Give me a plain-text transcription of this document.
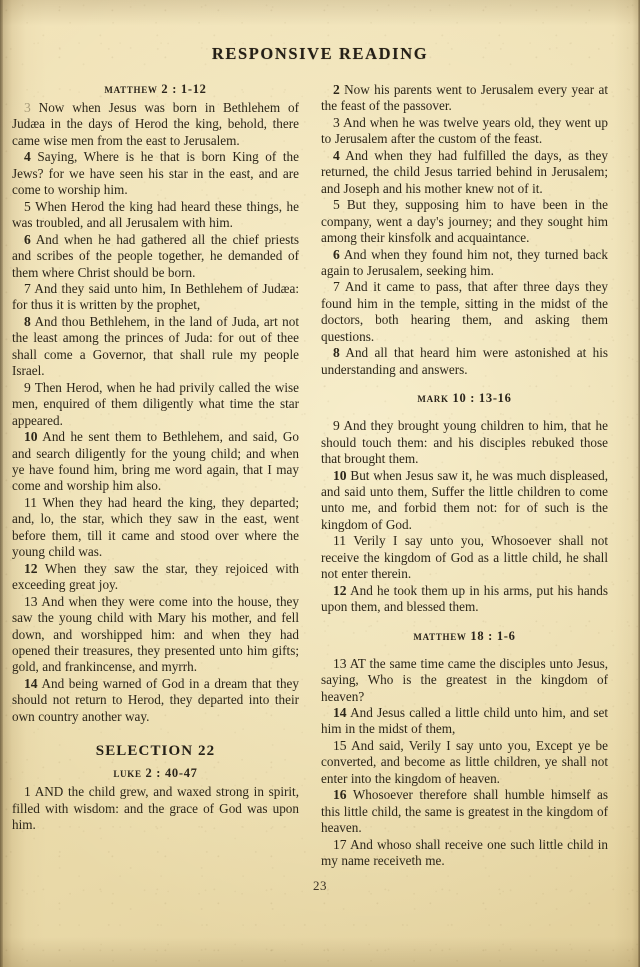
RESPONSIVE READING
matthew 2 : 1-12

3 Now when Jesus was born in Bethlehem of Judæa in the days of Herod the king, behold, there came wise men from the east to Jerusalem.

4 Saying, Where is he that is born King of the Jews? for we have seen his star in the east, and are come to worship him.

5 When Herod the king had heard these things, he was troubled, and all Jerusalem with him.

6 And when he had gathered all the chief priests and scribes of the people together, he demanded of them where Christ should be born.

7 And they said unto him, In Bethlehem of Judæa: for thus it is written by the prophet,

8 And thou Bethlehem, in the land of Juda, art not the least among the princes of Juda: for out of thee shall come a Governor, that shall rule my people Israel.

9 Then Herod, when he had privily called the wise men, enquired of them diligently what time the star appeared.

10 And he sent them to Bethlehem, and said, Go and search diligently for the young child; and when ye have found him, bring me word again, that I may come and worship him also.

11 When they had heard the king, they departed; and, lo, the star, which they saw in the east, went before them, till it came and stood over where the young child was.

12 When they saw the star, they rejoiced with exceeding great joy.

13 And when they were come into the house, they saw the young child with Mary his mother, and fell down, and worshipped him: and when they had opened their treasures, they presented unto him gifts; gold, and frankincense, and myrrh.

14 And being warned of God in a dream that they should not return to Herod, they departed into their own country another way.

SELECTION 22
luke 2 : 40-47

1 AND the child grew, and waxed strong in spirit, filled with wisdom: and the grace of God was upon him.

2 Now his parents went to Jerusalem every year at the feast of the passover.

3 And when he was twelve years old, they went up to Jerusalem after the custom of the feast.

4 And when they had fulfilled the days, as they returned, the child Jesus tarried behind in Jerusalem; and Joseph and his mother knew not of it.

5 But they, supposing him to have been in the company, went a day's journey; and they sought him among their kinsfolk and acquaintance.

6 And when they found him not, they turned back again to Jerusalem, seeking him.

7 And it came to pass, that after three days they found him in the temple, sitting in the midst of the doctors, both hearing them, and asking them questions.

8 And all that heard him were astonished at his understanding and answers.

mark 10 : 13-16

9 And they brought young children to him, that he should touch them: and his disciples rebuked those that brought them.

10 But when Jesus saw it, he was much displeased, and said unto them, Suffer the little children to come unto me, and forbid them not: for of such is the kingdom of God.

11 Verily I say unto you, Whosoever shall not receive the kingdom of God as a little child, he shall not enter therein.

12 And he took them up in his arms, put his hands upon them, and blessed them.

matthew 18 : 1-6

13 AT the same time came the disciples unto Jesus, saying, Who is the greatest in the kingdom of heaven?

14 And Jesus called a little child unto him, and set him in the midst of them,

15 And said, Verily I say unto you, Except ye be converted, and become as little children, ye shall not enter into the kingdom of heaven.

16 Whosoever therefore shall humble himself as this little child, the same is greatest in the kingdom of heaven.

17 And whoso shall receive one such little child in my name receiveth me.

23
